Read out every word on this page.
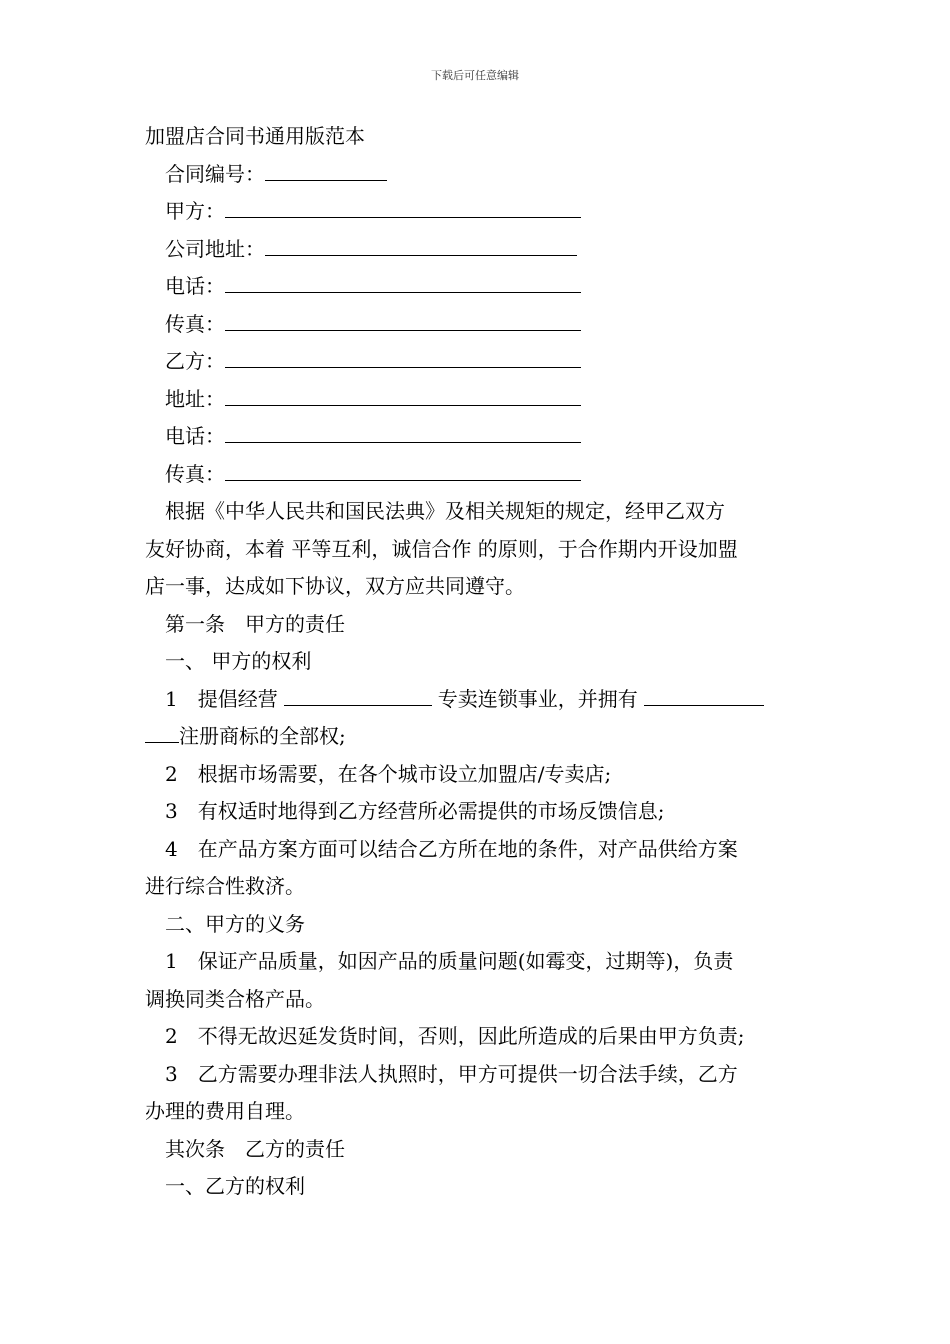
下载后可任意编辑
加盟店合同书通用版范本
合同编号：
甲方：
公司地址：
电话：
传真：
乙方：
地址：
电话：
传真：
根据《中华人民共和国民法典》及相关规矩的规定，经甲乙双方
友好协商，本着 平等互利，诚信合作 的原则，于合作期内开设加盟
店一事，达成如下协议，双方应共同遵守。
第一条　甲方的责任
一、 甲方的权利
1　提倡经营	专卖连锁事业，并拥有
注册商标的全部权;
2　根据市场需要，在各个城市设立加盟店/专卖店;
3　有权适时地得到乙方经营所必需提供的市场反馈信息;
4　在产品方案方面可以结合乙方所在地的条件，对产品供给方案
进行综合性救济。
二、甲方的义务
1　保证产品质量，如因产品的质量问题(如霉变，过期等)，负责
调换同类合格产品。
2　不得无故迟延发货时间，否则，因此所造成的后果由甲方负责;
3　乙方需要办理非法人执照时，甲方可提供一切合法手续，乙方
办理的费用自理。
其次条　乙方的责任
一、乙方的权利
